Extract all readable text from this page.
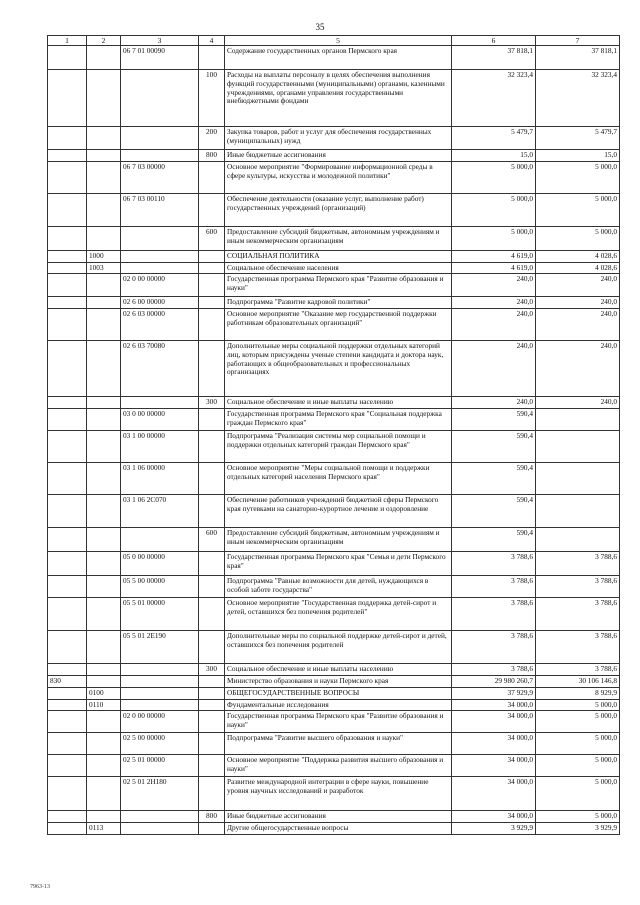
35
1	2	3	4	5	6	7
		06 7 01 00090		Содержание государственных органов Пермского края	37 818,1	37 818,1
			100	Расходы на выплаты персоналу в целях обеспечения выполнения функций государственными (муниципальными) органами, казенными учреждениями, органами управления государственными внебюджетными фондами	32 323,4	32 323,4
			200	Закупка товаров, работ и услуг для обеспечения государственных (муниципальных) нужд	5 479,7	5 479,7
			800	Иные бюджетные ассигнования	15,0	15,0
		06 7 03 00000		Основное мероприятие "Формирование информационной среды в сфере культуры, искусства и молодежной политики"	5 000,0	5 000,0
		06 7 03 00110		Обеспечение деятельности (оказание услуг, выполнение работ) государственных учреждений (организаций)	5 000,0	5 000,0
			600	Предоставление субсидий бюджетным, автономным учреждениям и иным некоммерческим организациям	5 000,0	5 000,0
	1000			СОЦИАЛЬНАЯ ПОЛИТИКА	4 619,0	4 028,6
	1003			Социальное обеспечение населения	4 619,0	4 028,6
		02 0 00 00000		Государственная программа Пермского края "Развитие образования и науки"	240,0	240,0
		02 6 00 00000		Подпрограмма "Развитие кадровой политики"	240,0	240,0
		02 6 03 00000		Основное мероприятие "Оказание мер государственной поддержки работникам образовательных организаций"	240,0	240,0
		02 6 03 70080		Дополнительные меры социальной поддержки отдельных категорий лиц, которым присуждены ученые степени кандидата и доктора наук, работающих в общеобразовательных и профессиональных организациях	240,0	240,0
			300	Социальное обеспечение и иные выплаты населению	240,0	240,0
		03 0 00 00000		Государственная программа Пермского края "Социальная поддержка граждан Пермского края"	590,4	
		03 1 00 00000		Подпрограмма "Реализация системы мер социальной помощи и поддержки отдельных категорий граждан Пермского края"	590,4	
		03 1 06 00000		Основное мероприятие "Меры социальной помощи и поддержки отдельных категорий населения Пермского края"	590,4	
		03 1 06 2С070		Обеспечение работников учреждений бюджетной сферы Пермского края путевками на санаторно-курортное лечение и оздоровление	590,4	
			600	Предоставление субсидий бюджетным, автономным учреждениям и иным некоммерческим организациям	590,4	
		05 0 00 00000		Государственная программа Пермского края "Семья и дети Пермского края"	3 788,6	3 788,6
		05 5 00 00000		Подпрограмма "Равные возможности для детей, нуждающихся в особой заботе государства"	3 788,6	3 788,6
		05 5 01 00000		Основное мероприятие "Государственная поддержка детей-сирот и детей, оставшихся без попечения родителей"	3 788,6	3 788,6
		05 5 01 2Е190		Дополнительные меры по социальной поддержке детей-сирот и детей, оставшихся без попечения родителей	3 788,6	3 788,6
			300	Социальное обеспечение и иные выплаты населению	3 788,6	3 788,6
830				Министерство образования и науки Пермского края	29 980 260,7	30 106 146,8
	0100			ОБЩЕГОСУДАРСТВЕННЫЕ ВОПРОСЫ	37 929,9	8 929,9
	0110			Фундаментальные исследования	34 000,0	5 000,0
		02 0 00 00000		Государственная программа Пермского края "Развитие образования и науки"	34 000,0	5 000,0
		02 5 00 00000		Подпрограмма "Развитие высшего образования и науки"	34 000,0	5 000,0
		02 5 01 00000		Основное мероприятие "Поддержка развития высшего образования и науки"	34 000,0	5 000,0
		02 5 01 2Н180		Развитие международной интеграции в сфере науки, повышение уровня научных исследований и разработок	34 000,0	5 000,0
			800	Иные бюджетные ассигнования	34 000,0	5 000,0
	0113			Другие общегосударственные вопросы	3 929,9	3 929,9
7963-13
